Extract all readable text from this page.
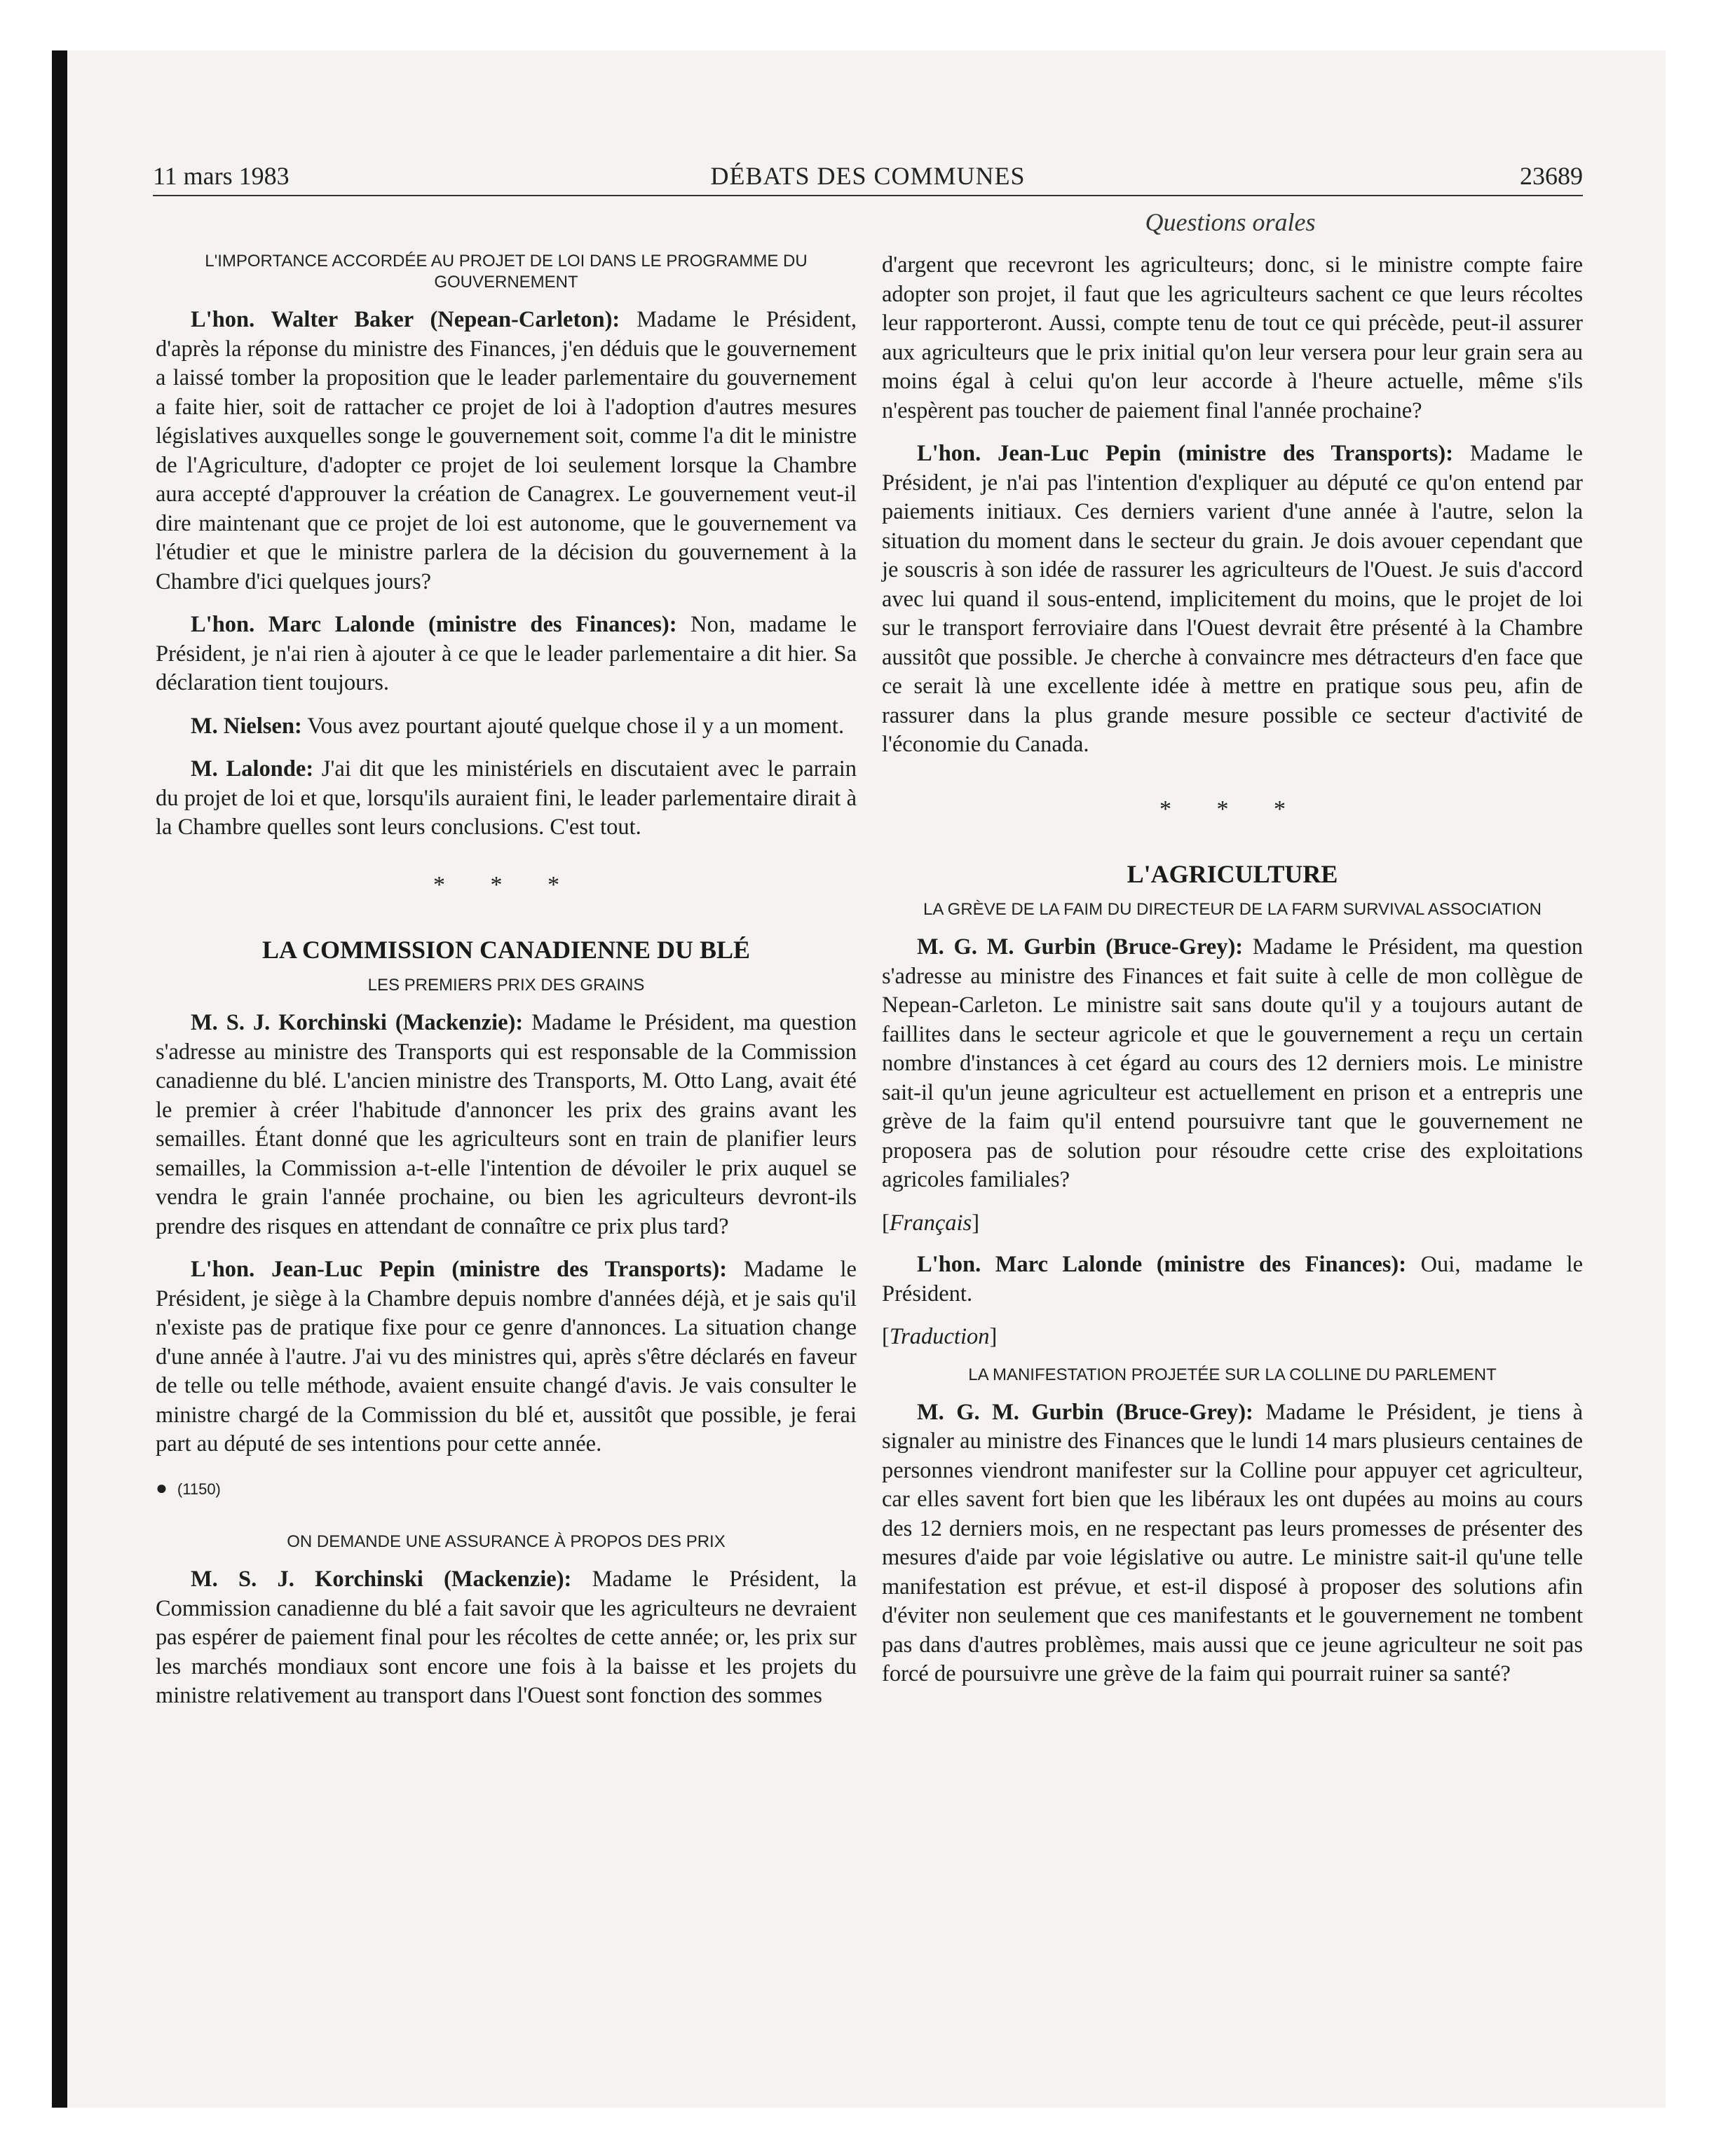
11 mars 1983	DÉBATS DES COMMUNES	23689
Questions orales
L'IMPORTANCE ACCORDÉE AU PROJET DE LOI DANS LE PROGRAMME DU GOUVERNEMENT

L'hon. Walter Baker (Nepean-Carleton): Madame le Président, d'après la réponse du ministre des Finances, j'en déduis que le gouvernement a laissé tomber la proposition que le leader parlementaire du gouvernement a faite hier, soit de rattacher ce projet de loi à l'adoption d'autres mesures législatives auxquelles songe le gouvernement soit, comme l'a dit le ministre de l'Agriculture, d'adopter ce projet de loi seulement lorsque la Chambre aura accepté d'approuver la création de Canagrex. Le gouvernement veut-il dire maintenant que ce projet de loi est autonome, que le gouvernement va l'étudier et que le ministre parlera de la décision du gouvernement à la Chambre d'ici quelques jours?

L'hon. Marc Lalonde (ministre des Finances): Non, madame le Président, je n'ai rien à ajouter à ce que le leader parlementaire a dit hier. Sa déclaration tient toujours.

M. Nielsen: Vous avez pourtant ajouté quelque chose il y a un moment.

M. Lalonde: J'ai dit que les ministériels en discutaient avec le parrain du projet de loi et que, lorsqu'ils auraient fini, le leader parlementaire dirait à la Chambre quelles sont leurs conclusions. C'est tout.

* * *
LA COMMISSION CANADIENNE DU BLÉ
LES PREMIERS PRIX DES GRAINS

M. S. J. Korchinski (Mackenzie): Madame le Président, ma question s'adresse au ministre des Transports qui est responsable de la Commission canadienne du blé. L'ancien ministre des Transports, M. Otto Lang, avait été le premier à créer l'habitude d'annoncer les prix des grains avant les semailles. Étant donné que les agriculteurs sont en train de planifier leurs semailles, la Commission a-t-elle l'intention de dévoiler le prix auquel se vendra le grain l'année prochaine, ou bien les agriculteurs devront-ils prendre des risques en attendant de connaître ce prix plus tard?

L'hon. Jean-Luc Pepin (ministre des Transports): Madame le Président, je siège à la Chambre depuis nombre d'années déjà, et je sais qu'il n'existe pas de pratique fixe pour ce genre d'annonces. La situation change d'une année à l'autre. J'ai vu des ministres qui, après s'être déclarés en faveur de telle ou telle méthode, avaient ensuite changé d'avis. Je vais consulter le ministre chargé de la Commission du blé et, aussitôt que possible, je ferai part au député de ses intentions pour cette année.

● (1150)
ON DEMANDE UNE ASSURANCE À PROPOS DES PRIX

M. S. J. Korchinski (Mackenzie): Madame le Président, la Commission canadienne du blé a fait savoir que les agriculteurs ne devraient pas espérer de paiement final pour les récoltes de cette année; or, les prix sur les marchés mondiaux sont encore une fois à la baisse et les projets du ministre relativement au transport dans l'Ouest sont fonction des sommes

d'argent que recevront les agriculteurs; donc, si le ministre compte faire adopter son projet, il faut que les agriculteurs sachent ce que leurs récoltes leur rapporteront. Aussi, compte tenu de tout ce qui précède, peut-il assurer aux agriculteurs que le prix initial qu'on leur versera pour leur grain sera au moins égal à celui qu'on leur accorde à l'heure actuelle, même s'ils n'espèrent pas toucher de paiement final l'année prochaine?

L'hon. Jean-Luc Pepin (ministre des Transports): Madame le Président, je n'ai pas l'intention d'expliquer au député ce qu'on entend par paiements initiaux. Ces derniers varient d'une année à l'autre, selon la situation du moment dans le secteur du grain. Je dois avouer cependant que je souscris à son idée de rassurer les agriculteurs de l'Ouest. Je suis d'accord avec lui quand il sous-entend, implicitement du moins, que le projet de loi sur le transport ferroviaire dans l'Ouest devrait être présenté à la Chambre aussitôt que possible. Je cherche à convaincre mes détracteurs d'en face que ce serait là une excellente idée à mettre en pratique sous peu, afin de rassurer dans la plus grande mesure possible ce secteur d'activité de l'économie du Canada.

* * *
L'AGRICULTURE
LA GRÈVE DE LA FAIM DU DIRECTEUR DE LA FARM SURVIVAL ASSOCIATION

M. G. M. Gurbin (Bruce-Grey): Madame le Président, ma question s'adresse au ministre des Finances et fait suite à celle de mon collègue de Nepean-Carleton. Le ministre sait sans doute qu'il y a toujours autant de faillites dans le secteur agricole et que le gouvernement a reçu un certain nombre d'instances à cet égard au cours des 12 derniers mois. Le ministre sait-il qu'un jeune agriculteur est actuellement en prison et a entrepris une grève de la faim qu'il entend poursuivre tant que le gouvernement ne proposera pas de solution pour résoudre cette crise des exploitations agricoles familiales?

[Français]

L'hon. Marc Lalonde (ministre des Finances): Oui, madame le Président.

[Traduction]
LA MANIFESTATION PROJETÉE SUR LA COLLINE DU PARLEMENT

M. G. M. Gurbin (Bruce-Grey): Madame le Président, je tiens à signaler au ministre des Finances que le lundi 14 mars plusieurs centaines de personnes viendront manifester sur la Colline pour appuyer cet agriculteur, car elles savent fort bien que les libéraux les ont dupées au moins au cours des 12 derniers mois, en ne respectant pas leurs promesses de présenter des mesures d'aide par voie législative ou autre. Le ministre sait-il qu'une telle manifestation est prévue, et est-il disposé à proposer des solutions afin d'éviter non seulement que ces manifestants et le gouvernement ne tombent pas dans d'autres problèmes, mais aussi que ce jeune agriculteur ne soit pas forcé de poursuivre une grève de la faim qui pourrait ruiner sa santé?
